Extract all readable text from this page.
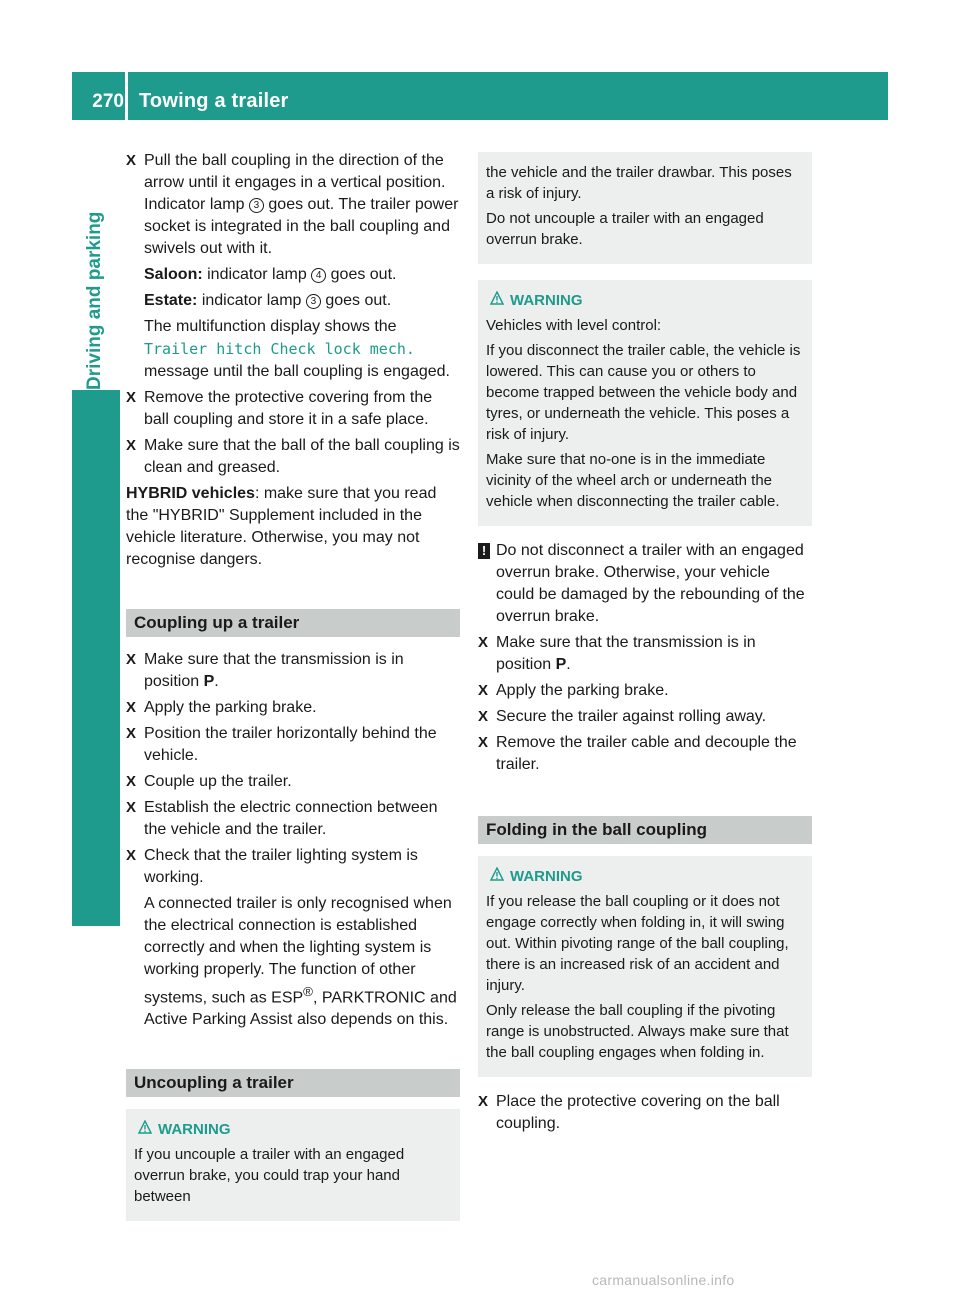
270 Towing a trailer
Driving and parking
X Pull the ball coupling in the direction of the arrow until it engages in a vertical position. Indicator lamp 3 goes out. The trailer power socket is integrated in the ball coupling and swivels out with it.
Saloon: indicator lamp 4 goes out.
Estate: indicator lamp 3 goes out.
The multifunction display shows the Trailer hitch Check lock mech. message until the ball coupling is engaged.
X Remove the protective covering from the ball coupling and store it in a safe place.
X Make sure that the ball of the ball coupling is clean and greased.
HYBRID vehicles: make sure that you read the "HYBRID" Supplement included in the vehicle literature. Otherwise, you may not recognise dangers.
Coupling up a trailer
X Make sure that the transmission is in position P.
X Apply the parking brake.
X Position the trailer horizontally behind the vehicle.
X Couple up the trailer.
X Establish the electric connection between the vehicle and the trailer.
X Check that the trailer lighting system is working.
A connected trailer is only recognised when the electrical connection is established correctly and when the lighting system is working properly. The function of other systems, such as ESP®, PARKTRONIC and Active Parking Assist also depends on this.
Uncoupling a trailer
WARNING

If you uncouple a trailer with an engaged overrun brake, you could trap your hand between

the vehicle and the trailer drawbar. This poses a risk of injury.

Do not uncouple a trailer with an engaged overrun brake.

WARNING

Vehicles with level control:

If you disconnect the trailer cable, the vehicle is lowered. This can cause you or others to become trapped between the vehicle body and tyres, or underneath the vehicle. This poses a risk of injury.

Make sure that no-one is in the immediate vicinity of the wheel arch or underneath the vehicle when disconnecting the trailer cable.

! Do not disconnect a trailer with an engaged overrun brake. Otherwise, your vehicle could be damaged by the rebounding of the overrun brake.
X Make sure that the transmission is in position P.
X Apply the parking brake.
X Secure the trailer against rolling away.
X Remove the trailer cable and decouple the trailer.
Folding in the ball coupling
WARNING

If you release the ball coupling or it does not engage correctly when folding in, it will swing out. Within pivoting range of the ball coupling, there is an increased risk of an accident and injury.

Only release the ball coupling if the pivoting range is unobstructed. Always make sure that the ball coupling engages when folding in.

X Place the protective covering on the ball coupling.
carmanualsonline.info
